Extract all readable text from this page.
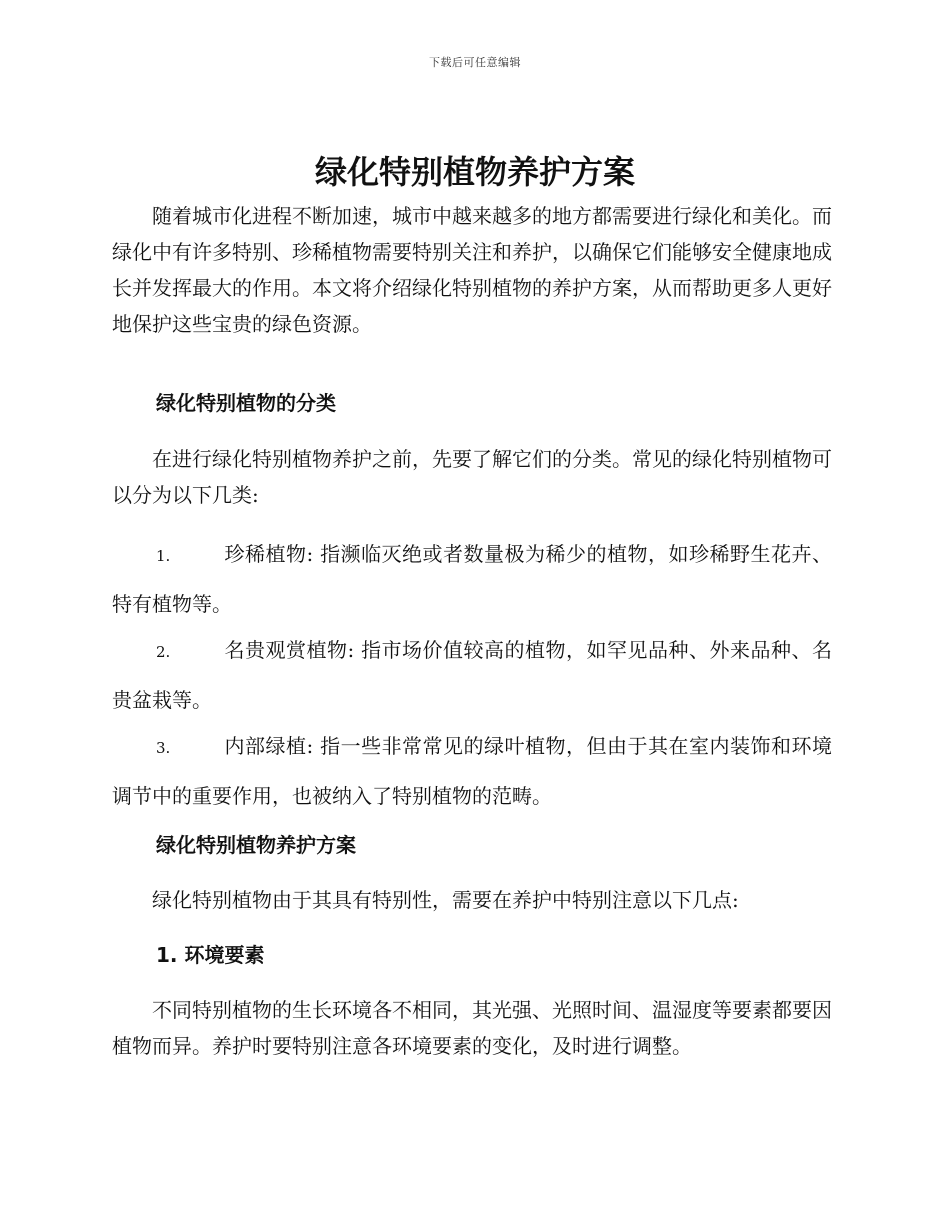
下载后可任意编辑
绿化特别植物养护方案

随着城市化进程不断加速，城市中越来越多的地方都需要进行绿化和美化。而绿化中有许多特别、珍稀植物需要特别关注和养护，以确保它们能够安全健康地成长并发挥最大的作用。本文将介绍绿化特别植物的养护方案，从而帮助更多人更好地保护这些宝贵的绿色资源。

绿化特别植物的分类

在进行绿化特别植物养护之前，先要了解它们的分类。常见的绿化特别植物可以分为以下几类:

1.	珍稀植物: 指濒临灭绝或者数量极为稀少的植物，如珍稀野生花卉、特有植物等。

2.	名贵观赏植物: 指市场价值较高的植物，如罕见品种、外来品种、名贵盆栽等。

3.	内部绿植: 指一些非常常见的绿叶植物，但由于其在室内装饰和环境调节中的重要作用，也被纳入了特别植物的范畴。

绿化特别植物养护方案

绿化特别植物由于其具有特别性，需要在养护中特别注意以下几点:

1. 环境要素

不同特别植物的生长环境各不相同，其光强、光照时间、温湿度等要素都要因植物而异。养护时要特别注意各环境要素的变化，及时进行调整。
